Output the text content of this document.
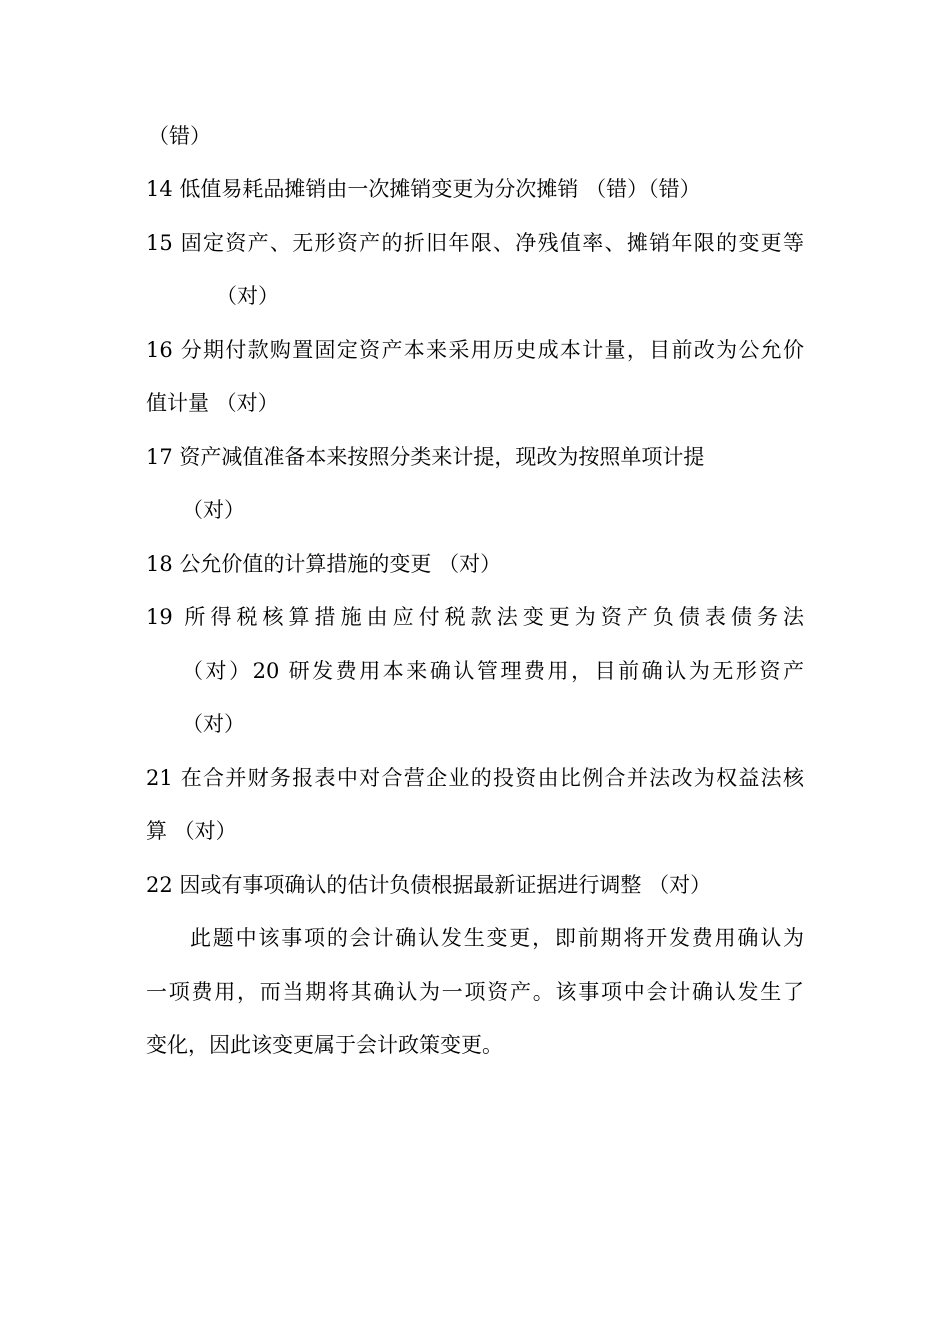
（错）
14 低值易耗品摊销由一次摊销变更为分次摊销 （错）（错）
15 固定资产、无形资产的折旧年限、净残值率、摊销年限的变更等
（对）
16 分期付款购置固定资产本来采用历史成本计量，目前改为公允价
值计量 （对）
17 资产减值准备本来按照分类来计提，现改为按照单项计提
（对）
18 公允价值的计算措施的变更 （对）
19 所得税核算措施由应付税款法变更为资产负债表债务法
（对）20 研发费用本来确认管理费用，目前确认为无形资产
（对）
21 在合并财务报表中对合营企业的投资由比例合并法改为权益法核
算 （对）
22 因或有事项确认的估计负债根据最新证据进行调整 （对）
此题中该事项的会计确认发生变更，即前期将开发费用确认为
一项费用，而当期将其确认为一项资产。该事项中会计确认发生了
变化，因此该变更属于会计政策变更。
